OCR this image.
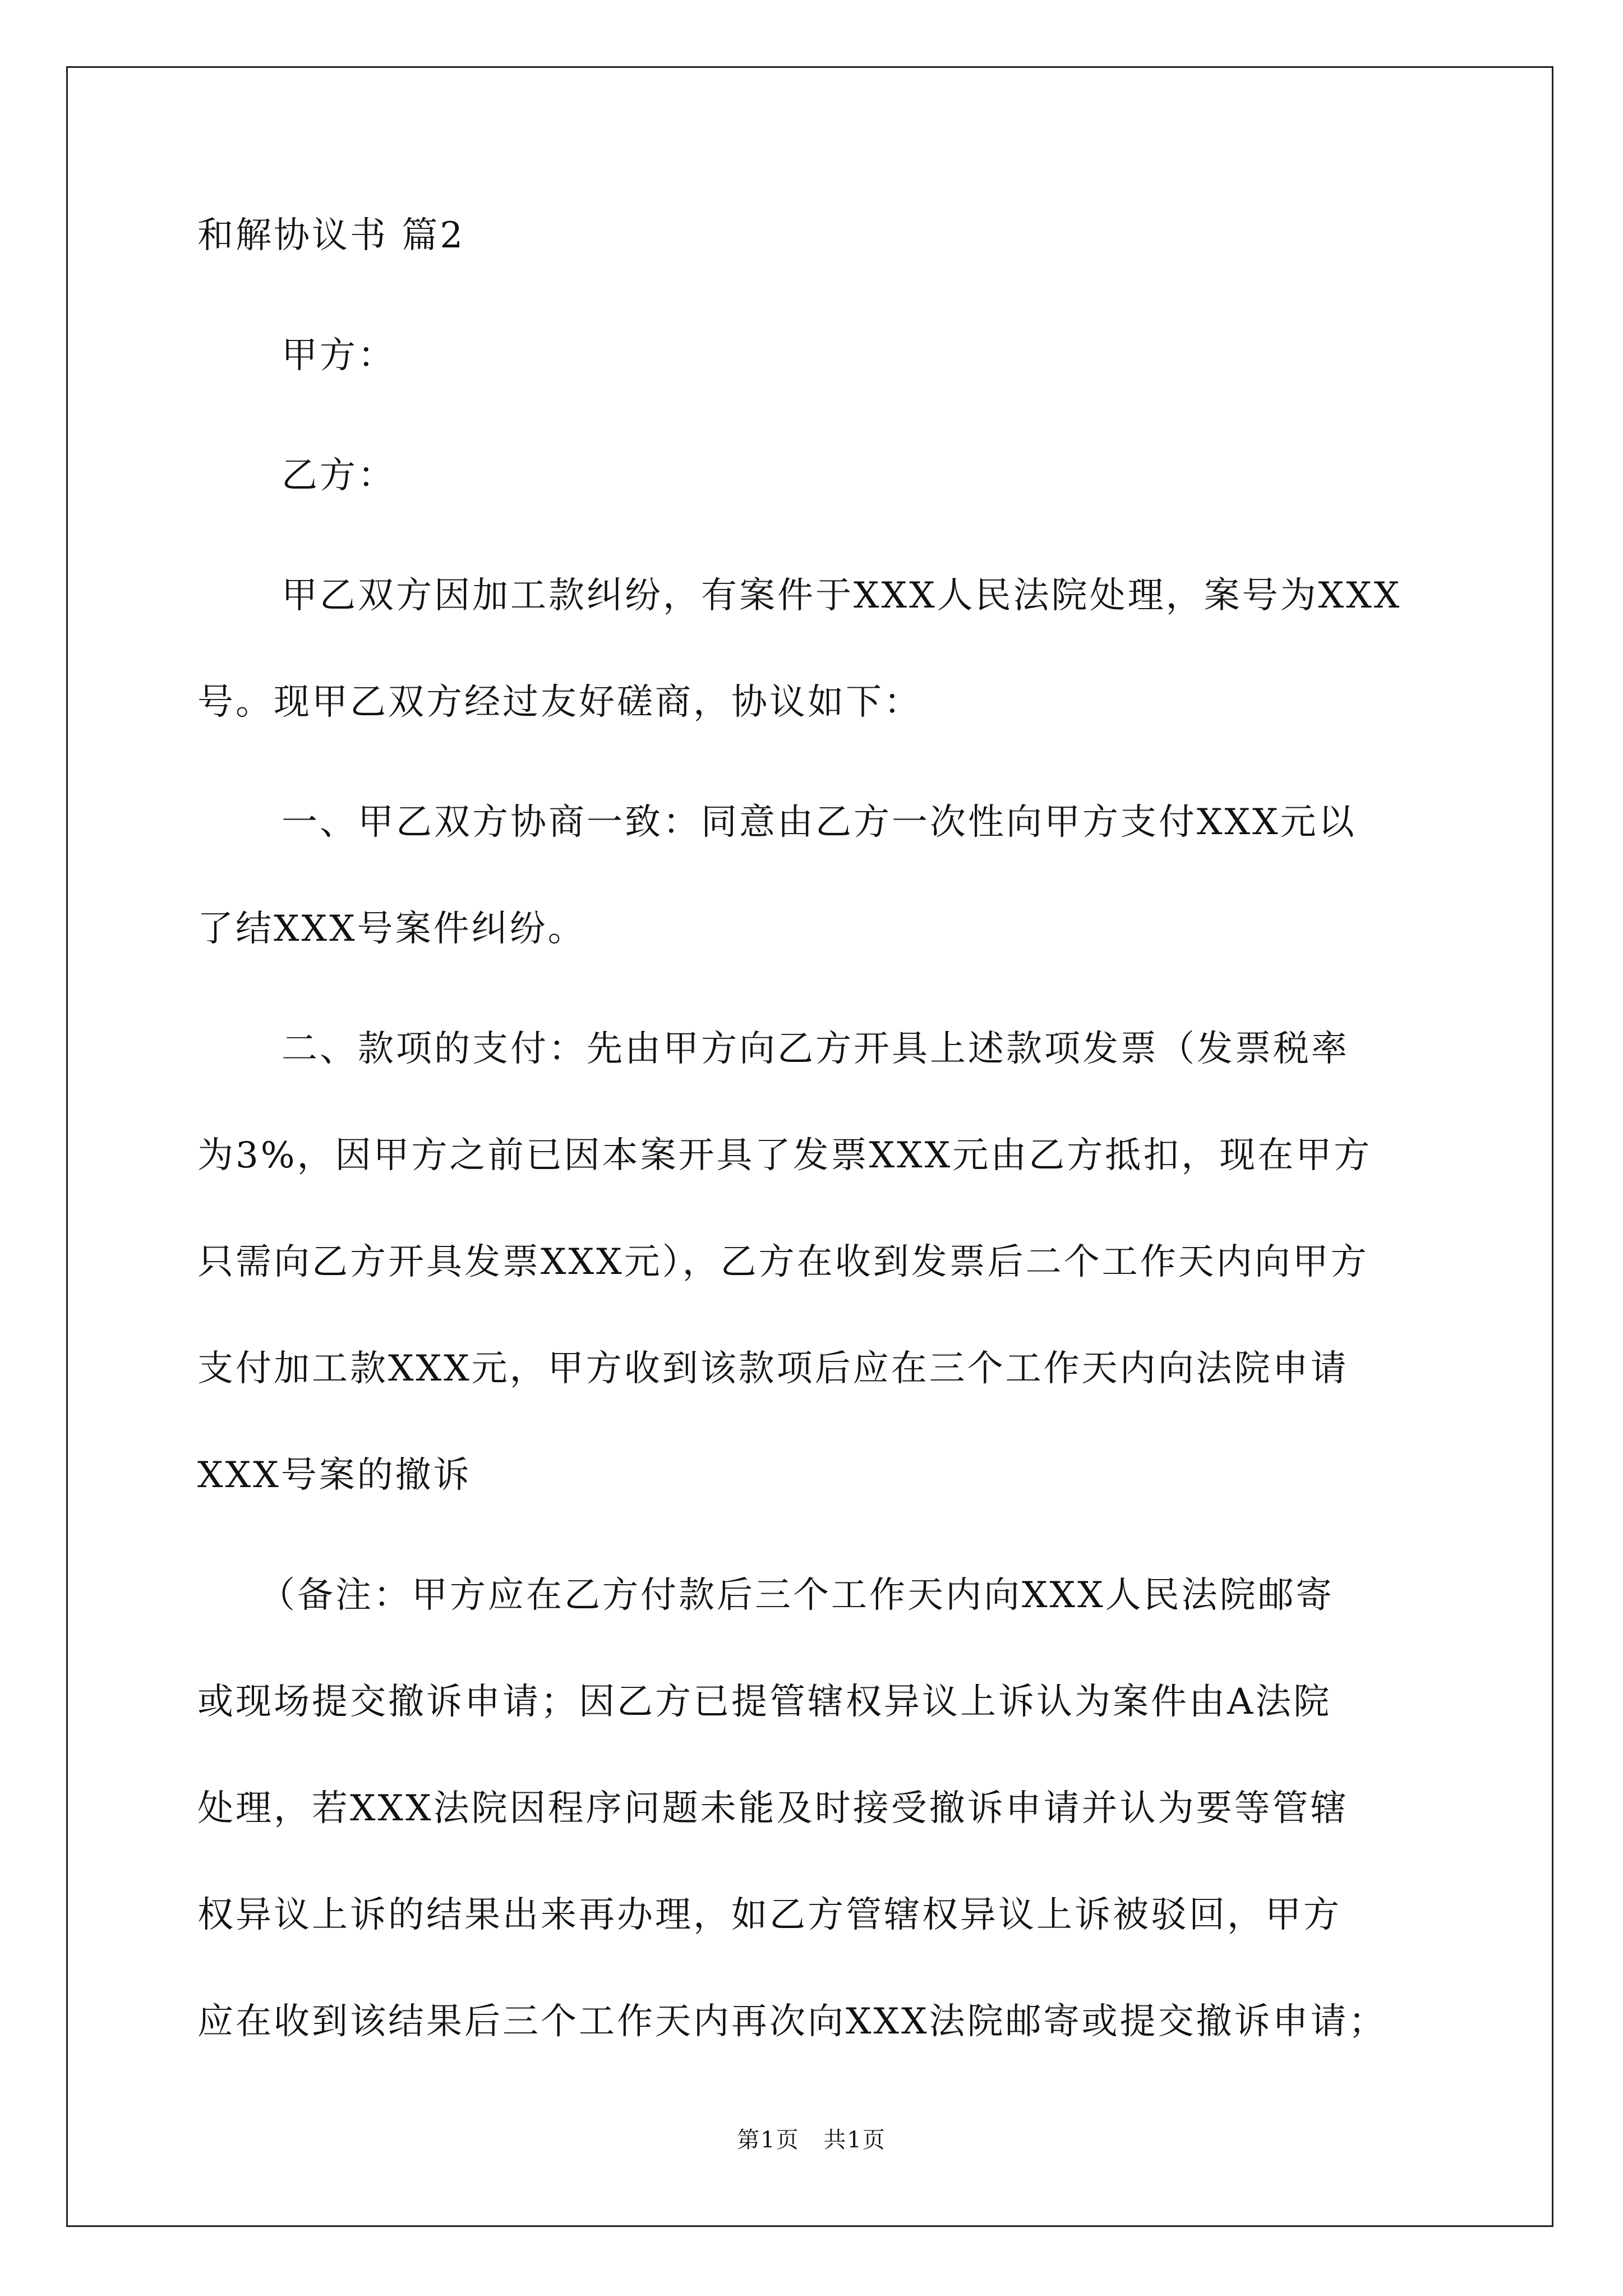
和解协议书 篇2

甲方：

乙方：

甲乙双方因加工款纠纷，有案件于XXX人民法院处理，案号为XXX

号。现甲乙双方经过友好磋商，协议如下：

一、甲乙双方协商一致：同意由乙方一次性向甲方支付XXX元以

了结XXX号案件纠纷。

二、款项的支付：先由甲方向乙方开具上述款项发票（发票税率

为3%，因甲方之前已因本案开具了发票XXX元由乙方抵扣，现在甲方

只需向乙方开具发票XXX元），乙方在收到发票后二个工作天内向甲方

支付加工款XXX元，甲方收到该款项后应在三个工作天内向法院申请

XXX号案的撤诉

（备注：甲方应在乙方付款后三个工作天内向XXX人民法院邮寄

或现场提交撤诉申请；因乙方已提管辖权异议上诉认为案件由A法院

处理，若XXX法院因程序问题未能及时接受撤诉申请并认为要等管辖

权异议上诉的结果出来再办理，如乙方管辖权异议上诉被驳回，甲方

应在收到该结果后三个工作天内再次向XXX法院邮寄或提交撤诉申请；

第1页 共1页
